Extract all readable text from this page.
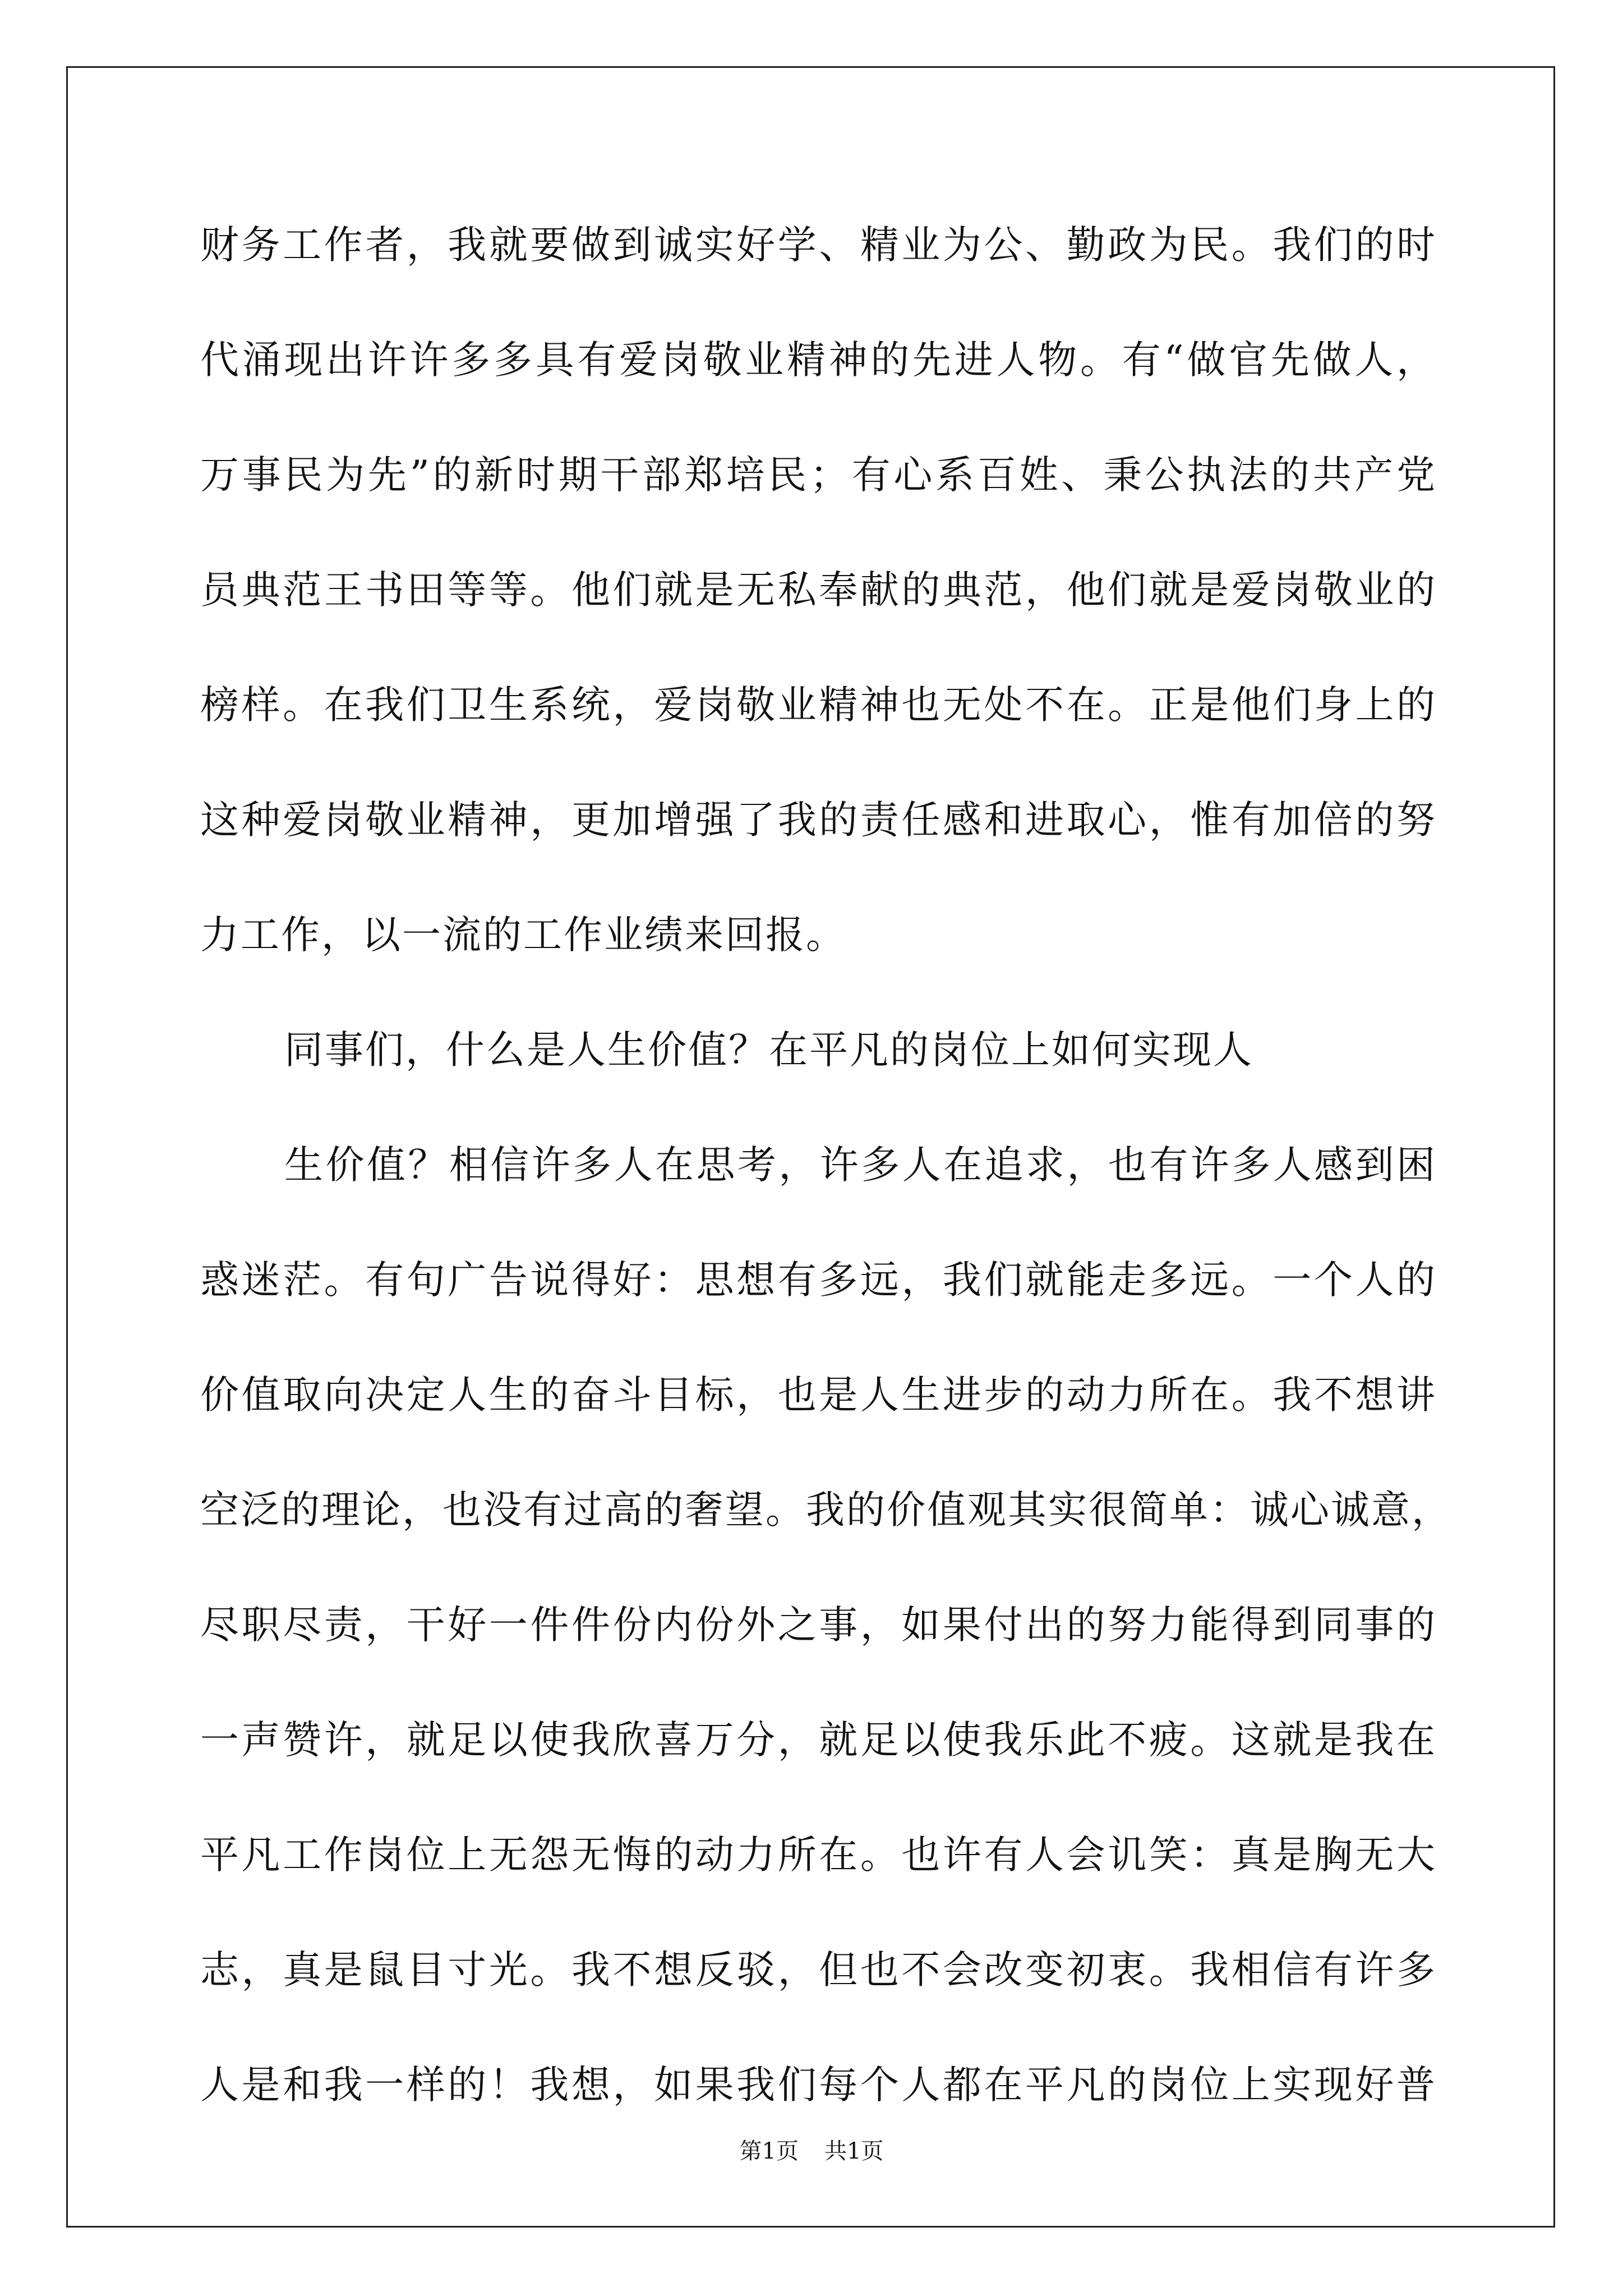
财务工作者，我就要做到诚实好学、精业为公、勤政为民。我们的时
代涌现出许许多多具有爱岗敬业精神的先进人物。有“做官先做人，
万事民为先”的新时期干部郑培民；有心系百姓、秉公执法的共产党
员典范王书田等等。他们就是无私奉献的典范，他们就是爱岗敬业的
榜样。在我们卫生系统，爱岗敬业精神也无处不在。正是他们身上的
这种爱岗敬业精神，更加增强了我的责任感和进取心，惟有加倍的努
力工作，以一流的工作业绩来回报。
同事们，什么是人生价值？在平凡的岗位上如何实现人
生价值？相信许多人在思考，许多人在追求，也有许多人感到困
惑迷茫。有句广告说得好：思想有多远，我们就能走多远。一个人的
价值取向决定人生的奋斗目标，也是人生进步的动力所在。我不想讲
空泛的理论，也没有过高的奢望。我的价值观其实很简单：诚心诚意，
尽职尽责，干好一件件份内份外之事，如果付出的努力能得到同事的
一声赞许，就足以使我欣喜万分，就足以使我乐此不疲。这就是我在
平凡工作岗位上无怨无悔的动力所在。也许有人会讥笑：真是胸无大
志，真是鼠目寸光。我不想反驳，但也不会改变初衷。我相信有许多
人是和我一样的！我想，如果我们每个人都在平凡的岗位上实现好普
第1页 共1页
